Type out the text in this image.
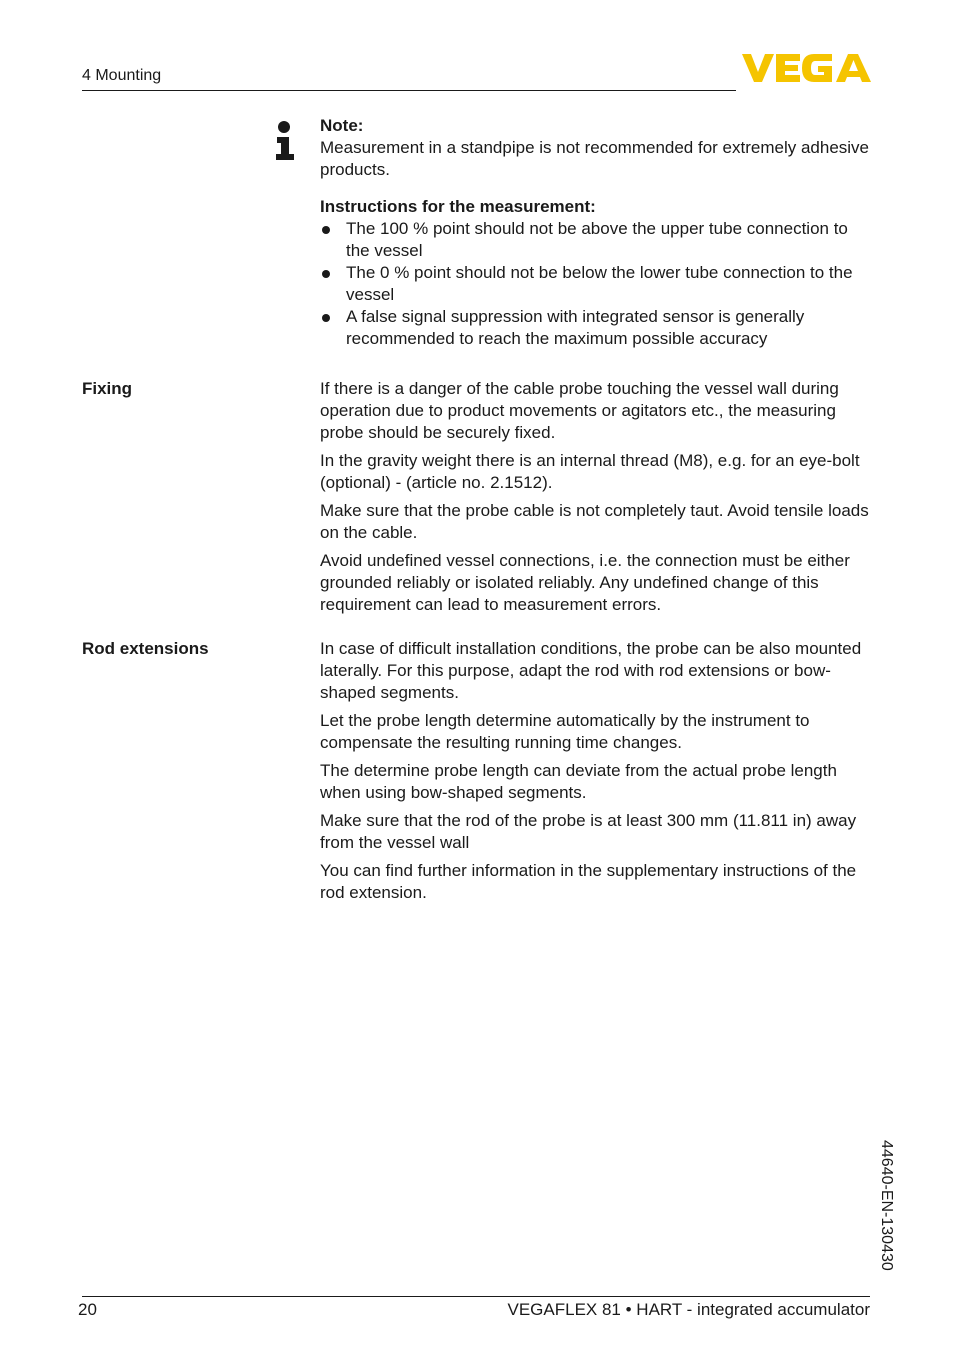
4 Mounting
Note:
Measurement in a standpipe is not recommended for extremely adhesive products.
Instructions for the measurement:
The 100 % point should not be above the upper tube connection to the vessel
The 0 % point should not be below the lower tube connection to the vessel
A false signal suppression with integrated sensor is generally recommended to reach the maximum possible accuracy
Fixing	If there is a danger of the cable probe touching the vessel wall during operation due to product movements or agitators etc., the measuring probe should be securely fixed.

In the gravity weight there is an internal thread (M8), e.g. for an eye-bolt (optional) - (article no. 2.1512).

Make sure that the probe cable is not completely taut. Avoid tensile loads on the cable.

Avoid undefined vessel connections, i.e. the connection must be either grounded reliably or isolated reliably. Any undefined change of this requirement can lead to measurement errors.

Rod extensions	In case of difficult installation conditions, the probe can be also mounted laterally. For this purpose, adapt the rod with rod extensions or bow-shaped segments.

Let the probe length determine automatically by the instrument to compensate the resulting running time changes.

The determine probe length can deviate from the actual probe length when using bow-shaped segments.

Make sure that the rod of the probe is at least 300 mm (11.811 in) away from the vessel wall

You can find further information in the supplementary instructions of the rod extension.

44640-EN-130430
20	VEGAFLEX 81 • HART - integrated accumulator
